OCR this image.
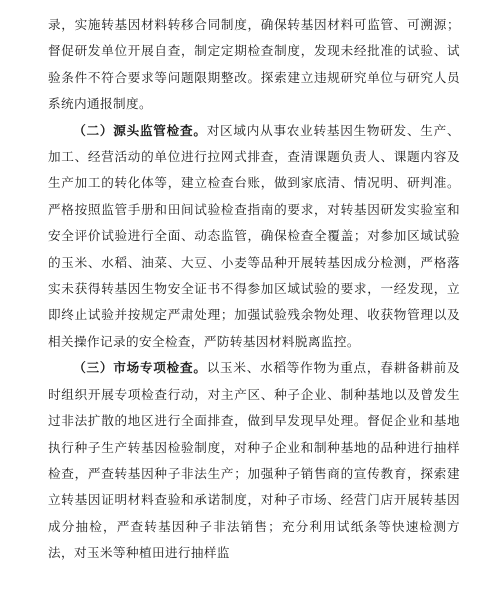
录，实施转基因材料转移合同制度，确保转基因材料可监管、可溯源；督促研发单位开展自查，制定定期检查制度，发现未经批准的试验、试验条件不符合要求等问题限期整改。探索建立违规研究单位与研究人员系统内通报制度。

（二）源头监管检查。对区域内从事农业转基因生物研发、生产、加工、经营活动的单位进行拉网式排查，查清课题负责人、课题内容及生产加工的转化体等，建立检查台账，做到家底清、情况明、研判准。严格按照监管手册和田间试验检查指南的要求，对转基因研发实验室和安全评价试验进行全面、动态监管，确保检查全覆盖；对参加区域试验的玉米、水稻、油菜、大豆、小麦等品种开展转基因成分检测，严格落实未获得转基因生物安全证书不得参加区域试验的要求，一经发现，立即终止试验并按规定严肃处理；加强试验残余物处理、收获物管理以及相关操作记录的安全检查，严防转基因材料脱离监控。

（三）市场专项检查。以玉米、水稻等作物为重点，春耕备耕前及时组织开展专项检查行动，对主产区、种子企业、制种基地以及曾发生过非法扩散的地区进行全面排查，做到早发现早处理。督促企业和基地执行种子生产转基因检验制度，对种子企业和制种基地的品种进行抽样检查，严查转基因种子非法生产；加强种子销售商的宣传教育，探索建立转基因证明材料查验和承诺制度，对种子市场、经营门店开展转基因成分抽检，严查转基因种子非法销售；充分利用试纸条等快速检测方法，对玉米等种植田进行抽样监
